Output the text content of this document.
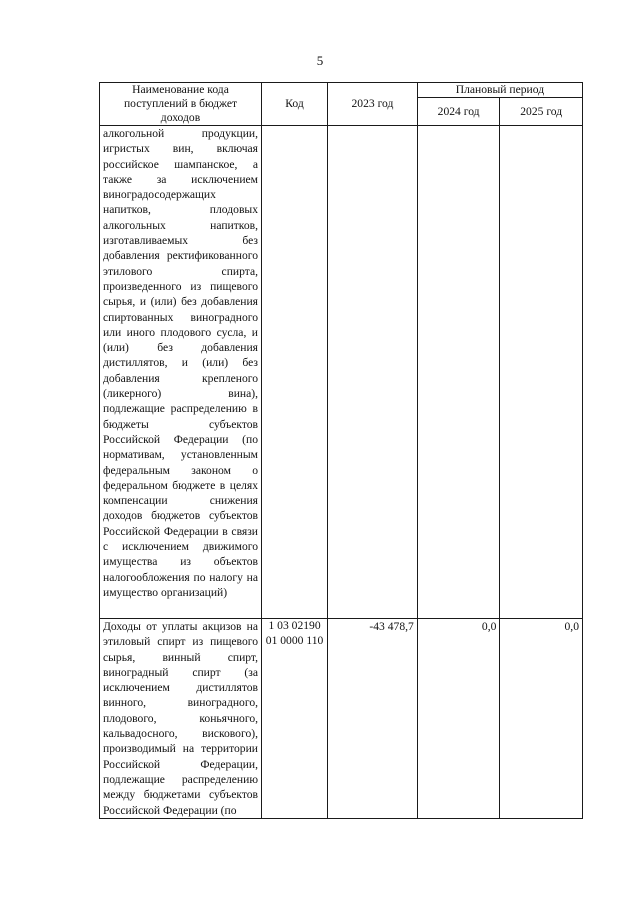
5
Наименование кода поступлений в бюджет доходов	Код	2023 год	Плановый период	
			2024 год	2025 год

алкогольной продукции, игристых вин, включая российское шампанское, а также за исключением виноградосодержащих напитков, плодовых алкогольных напитков, изготавливаемых без добавления ректификованного этилового спирта, произведенного из пищевого сырья, и (или) без добавления спиртованных виноградного или иного плодового сусла, и (или) без добавления дистиллятов, и (или) без добавления крепленого (ликерного) вина), подлежащие распределению в бюджеты субъектов Российской Федерации (по нормативам, установленным федеральным законом о федеральном бюджете в целях компенсации снижения доходов бюджетов субъектов Российской Федерации в связи с исключением движимого имущества из объектов налогообложения по налогу на имущество организаций)				

Доходы от уплаты акцизов на этиловый спирт из пищевого сырья, винный спирт, виноградный спирт (за исключением дистиллятов винного, виноградного, плодового, коньячного, кальвадосного, вискового), производимый на территории Российской Федерации, подлежащие распределению между бюджетами субъектов Российской Федерации (по	1 03 02190 01 0000 110	-43 478,7	0,0	0,0
